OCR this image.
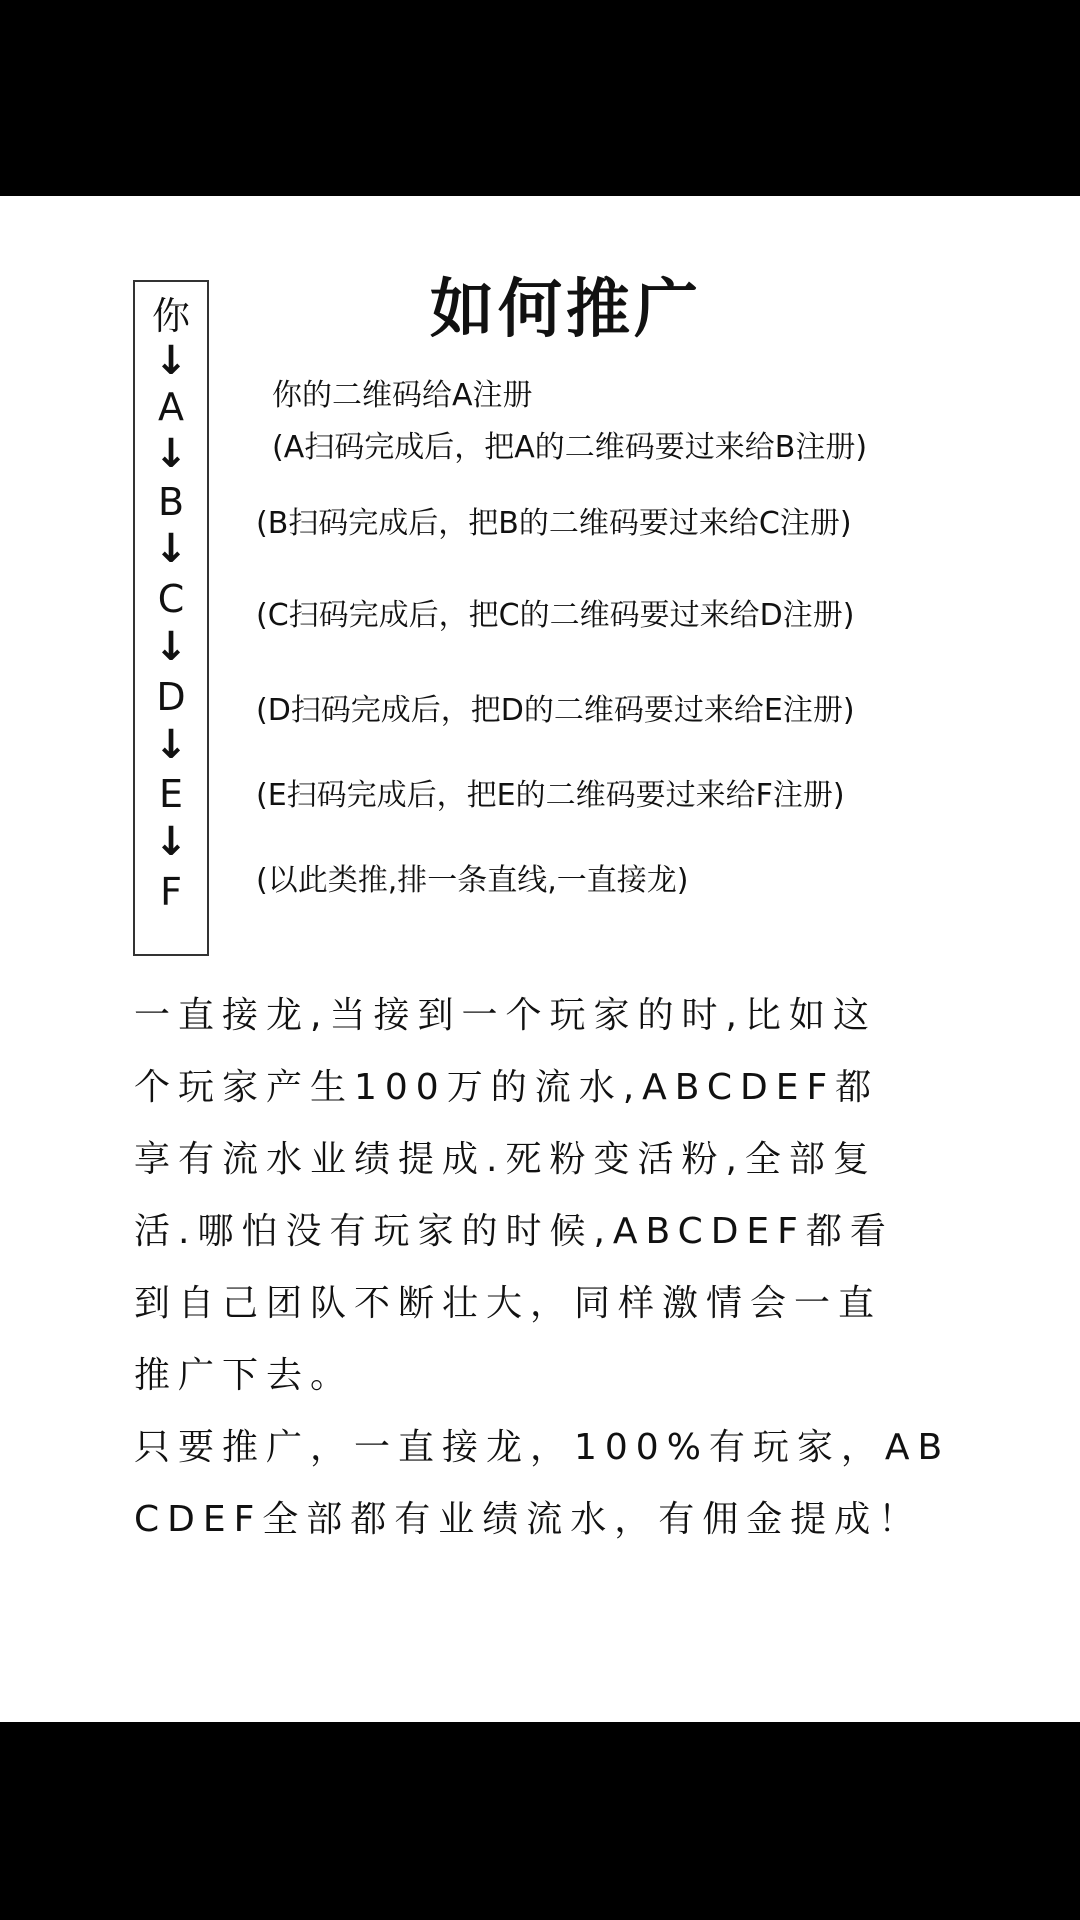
如何推广
你
↓
A
↓
B
↓
C
↓
D
↓
E
↓
F
你的二维码给A注册
(A扫码完成后，把A的二维码要过来给B注册)
(B扫码完成后，把B的二维码要过来给C注册)
(C扫码完成后，把C的二维码要过来给D注册)
(D扫码完成后，把D的二维码要过来给E注册)
(E扫码完成后，把E的二维码要过来给F注册)
(以此类推,排一条直线,一直接龙)
一直接龙,当接到一个玩家的时,比如这
个玩家产生100万的流水,ABCDEF都
享有流水业绩提成.死粉变活粉,全部复
活.哪怕没有玩家的时候,ABCDEF都看
到自己团队不断壮大，同样激情会一直
推广下去。
只要推广，一直接龙，100%有玩家，AB
CDEF全部都有业绩流水，有佣金提成！
